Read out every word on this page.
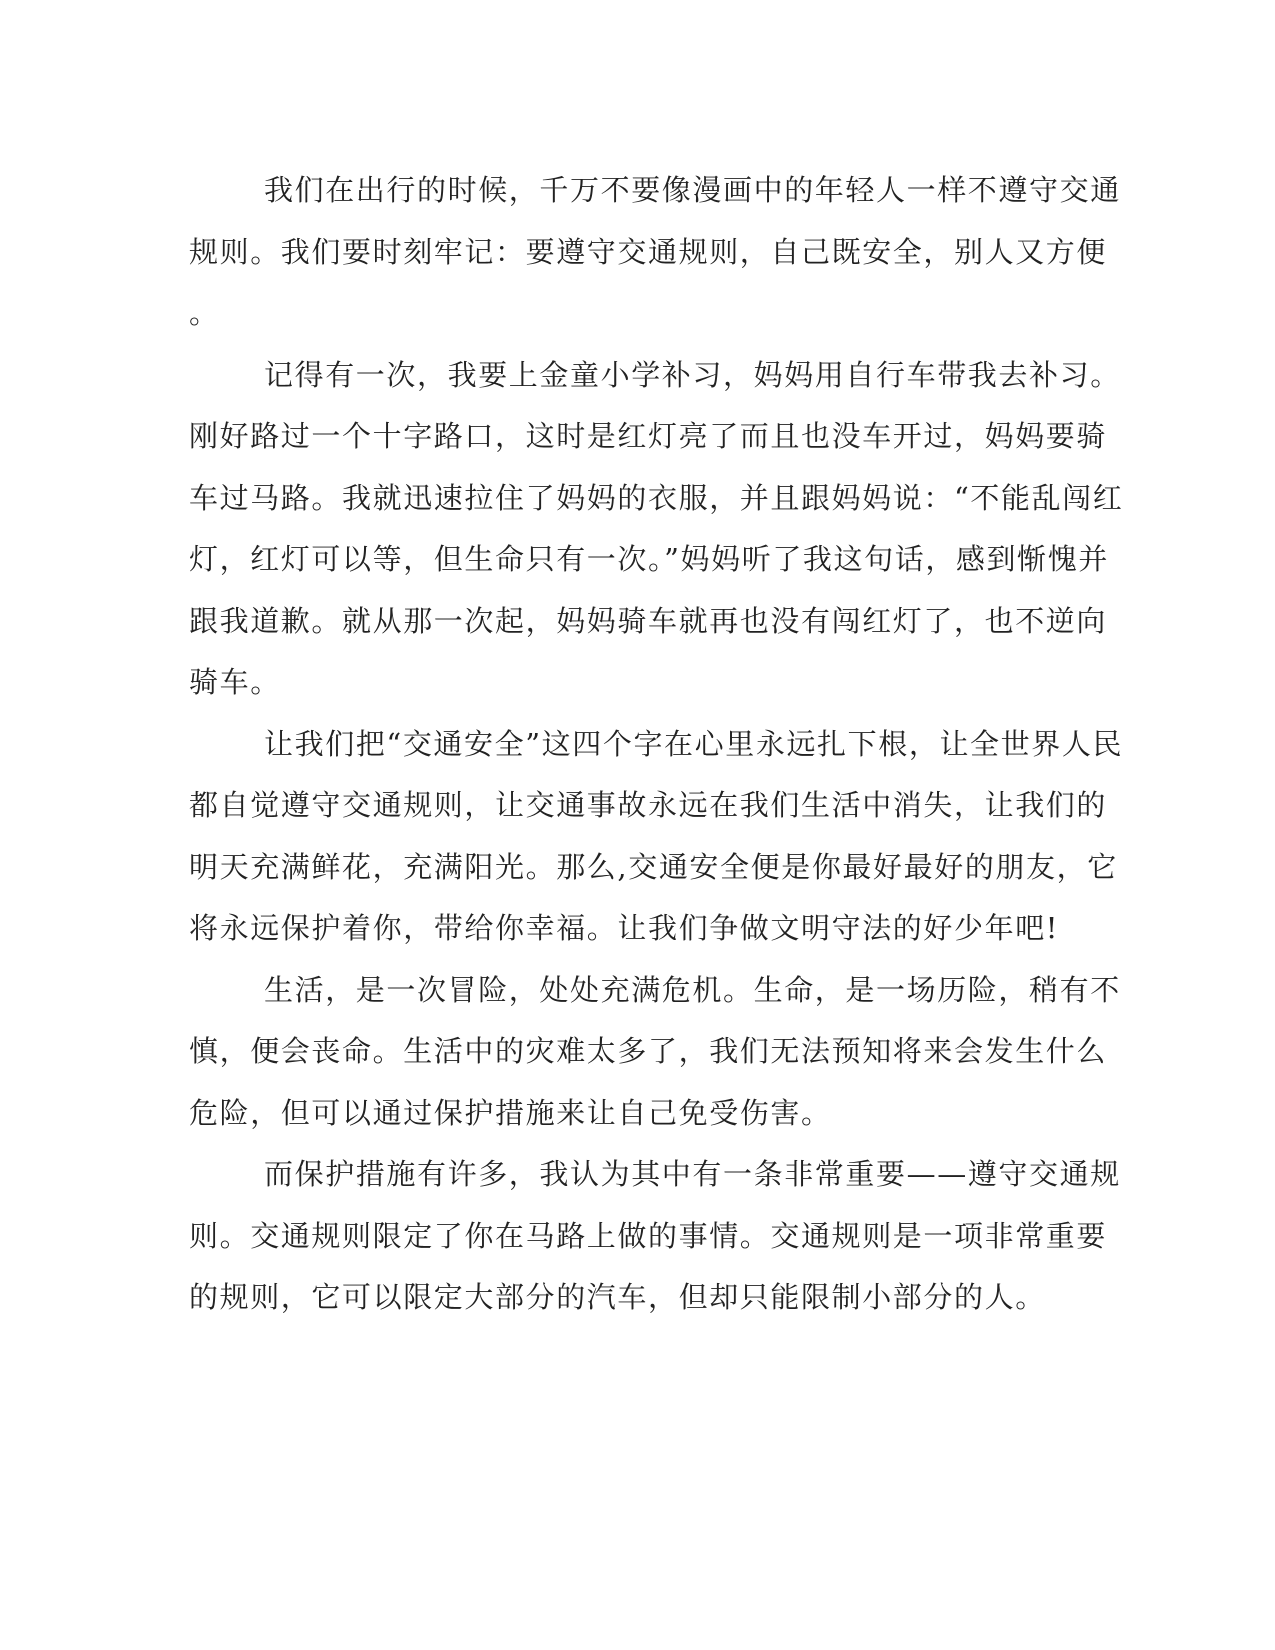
我们在出行的时候，千万不要像漫画中的年轻人一样不遵守交通
规则。我们要时刻牢记：要遵守交通规则，自己既安全，别人又方便
。
记得有一次，我要上金童小学补习，妈妈用自行车带我去补习。
刚好路过一个十字路口，这时是红灯亮了而且也没车开过，妈妈要骑
车过马路。我就迅速拉住了妈妈的衣服，并且跟妈妈说：“不能乱闯红
灯，红灯可以等，但生命只有一次。”妈妈听了我这句话，感到惭愧并
跟我道歉。就从那一次起，妈妈骑车就再也没有闯红灯了，也不逆向
骑车。
让我们把“交通安全”这四个字在心里永远扎下根，让全世界人民
都自觉遵守交通规则，让交通事故永远在我们生活中消失，让我们的
明天充满鲜花，充满阳光。那么,交通安全便是你最好最好的朋友，它
将永远保护着你，带给你幸福。让我们争做文明守法的好少年吧!
生活，是一次冒险，处处充满危机。生命，是一场历险，稍有不
慎，便会丧命。生活中的灾难太多了，我们无法预知将来会发生什么
危险，但可以通过保护措施来让自己免受伤害。
而保护措施有许多，我认为其中有一条非常重要——遵守交通规
则。交通规则限定了你在马路上做的事情。交通规则是一项非常重要
的规则，它可以限定大部分的汽车，但却只能限制小部分的人。
